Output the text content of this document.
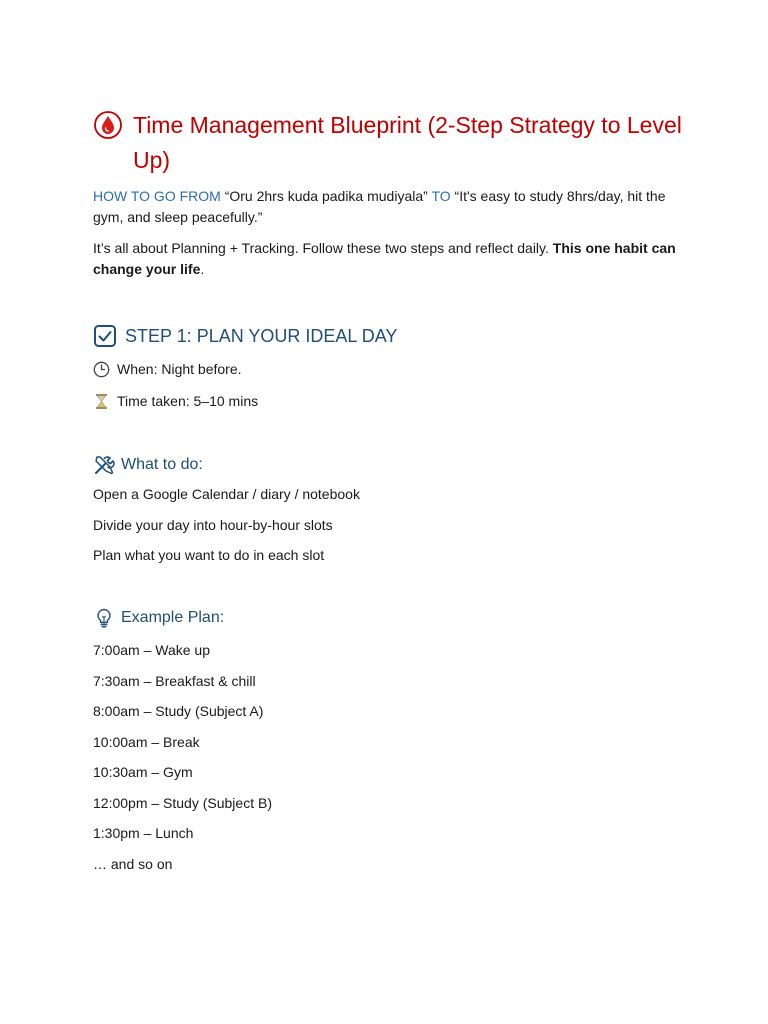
Time Management Blueprint (2-Step Strategy to Level Up)

HOW TO GO FROM “Oru 2hrs kuda padika mudiyala” TO “It's easy to study 8hrs/day, hit the gym, and sleep peacefully.”

It’s all about Planning + Tracking. Follow these two steps and reflect daily. This one habit can change your life.

STEP 1: PLAN YOUR IDEAL DAY
When: Night before.
Time taken: 5–10 mins
What to do:
Open a Google Calendar / diary / notebook
Divide your day into hour-by-hour slots
Plan what you want to do in each slot
Example Plan:
7:00am – Wake up
7:30am – Breakfast & chill
8:00am – Study (Subject A)
10:00am – Break
10:30am – Gym
12:00pm – Study (Subject B)
1:30pm – Lunch
… and so on
